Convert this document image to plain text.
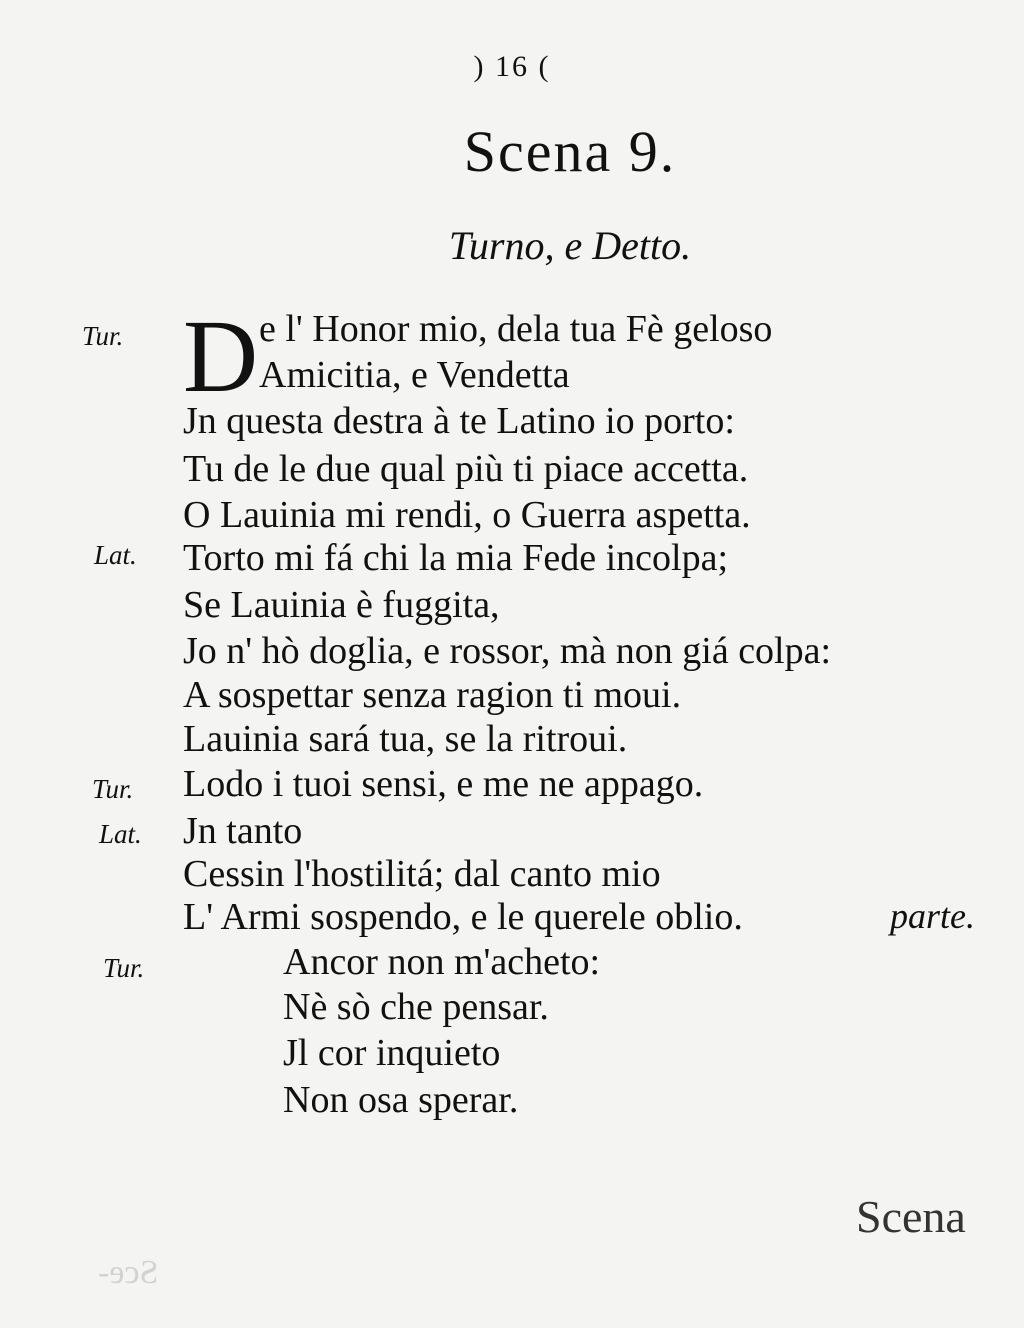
) 16 (
Scena 9.
Turno, e Detto.
Tur.
Lat.
Tur.
Lat.
Tur.
D e l' Honor mio, dela tua Fè geloso
Amicitia, e Vendetta
Jn questa destra à te Latino io porto:
Tu de le due qual più ti piace accetta.
O Lauinia mi rendi, o Guerra aspetta.
Torto mi fá chi la mia Fede incolpa;
Se Lauinia è fuggita,
Jo n' hò doglia, e rossor, mà non giá colpa:
A sospettar senza ragion ti moui.
Lauinia sará tua, se la ritroui.
Lodo i tuoi sensi, e me ne appago.
Jn tanto
Cessin l'hostilitá; dal canto mio
L' Armi sospendo, e le querele oblio.
Ancor non m'acheto:
Nè sò che pensar.
Jl cor inquieto
Non osa sperar.
parte.
Scena
Sce-
